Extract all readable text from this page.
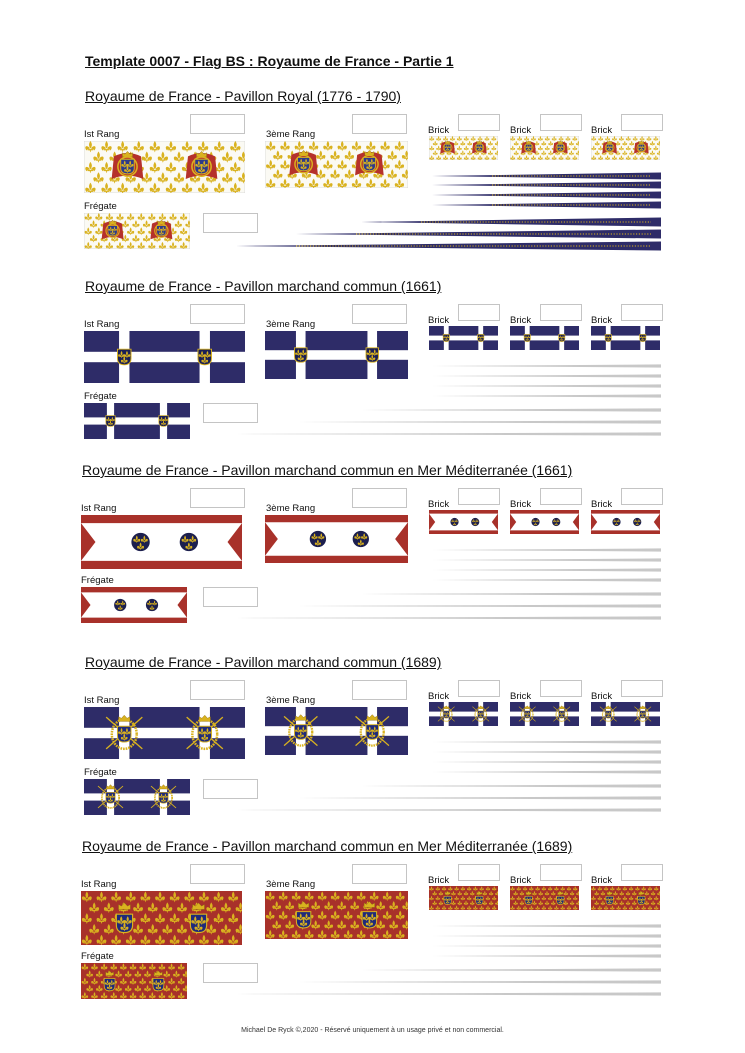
Template 0007 - Flag BS : Royaume de France - Partie 1
Royaume de France - Pavillon Royal (1776 - 1790)
Ist Rang	3ème Rang	Brick	Brick	Brick
Frégate
Royaume de France - Pavillon marchand commun (1661)
Ist Rang	3ème Rang	Brick	Brick	Brick
Frégate
Royaume de France - Pavillon marchand commun en Mer Méditerranée (1661)
Ist Rang	3ème Rang	Brick	Brick	Brick
Frégate
Royaume de France - Pavillon marchand commun (1689)
Ist Rang	3ème Rang	Brick	Brick	Brick
Frégate
Royaume de France - Pavillon marchand commun en Mer Méditerranée (1689)
Ist Rang	3ème Rang	Brick	Brick	Brick
Frégate
Michael De Ryck ©,2020 - Réservé uniquement à un usage privé et non commercial.
